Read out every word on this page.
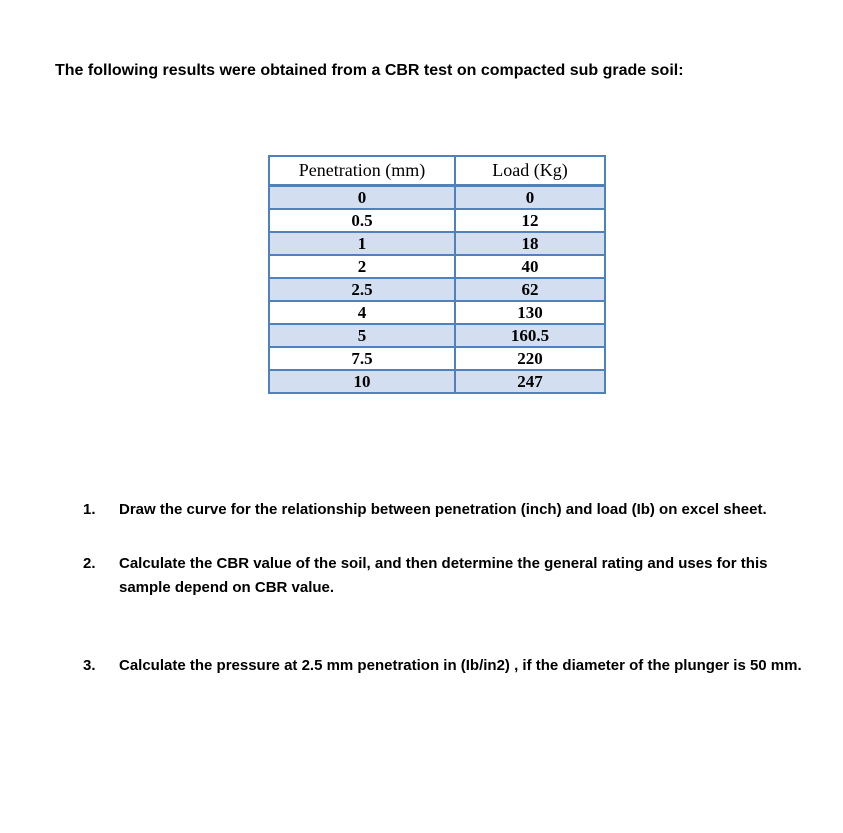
The following results were obtained from a CBR test on compacted sub grade soil:

Penetration (mm)	Load (Kg)
0	0
0.5	12
1	18
2	40
2.5	62
4	130
5	160.5
7.5	220
10	247
1. Draw the curve for the relationship between penetration (inch) and load (Ib) on excel sheet.
2. Calculate the CBR value of the soil, and then determine the general rating and uses for this sample depend on CBR value.
3. Calculate the pressure at 2.5 mm penetration in (Ib/in2) , if the diameter of the plunger is 50 mm.
